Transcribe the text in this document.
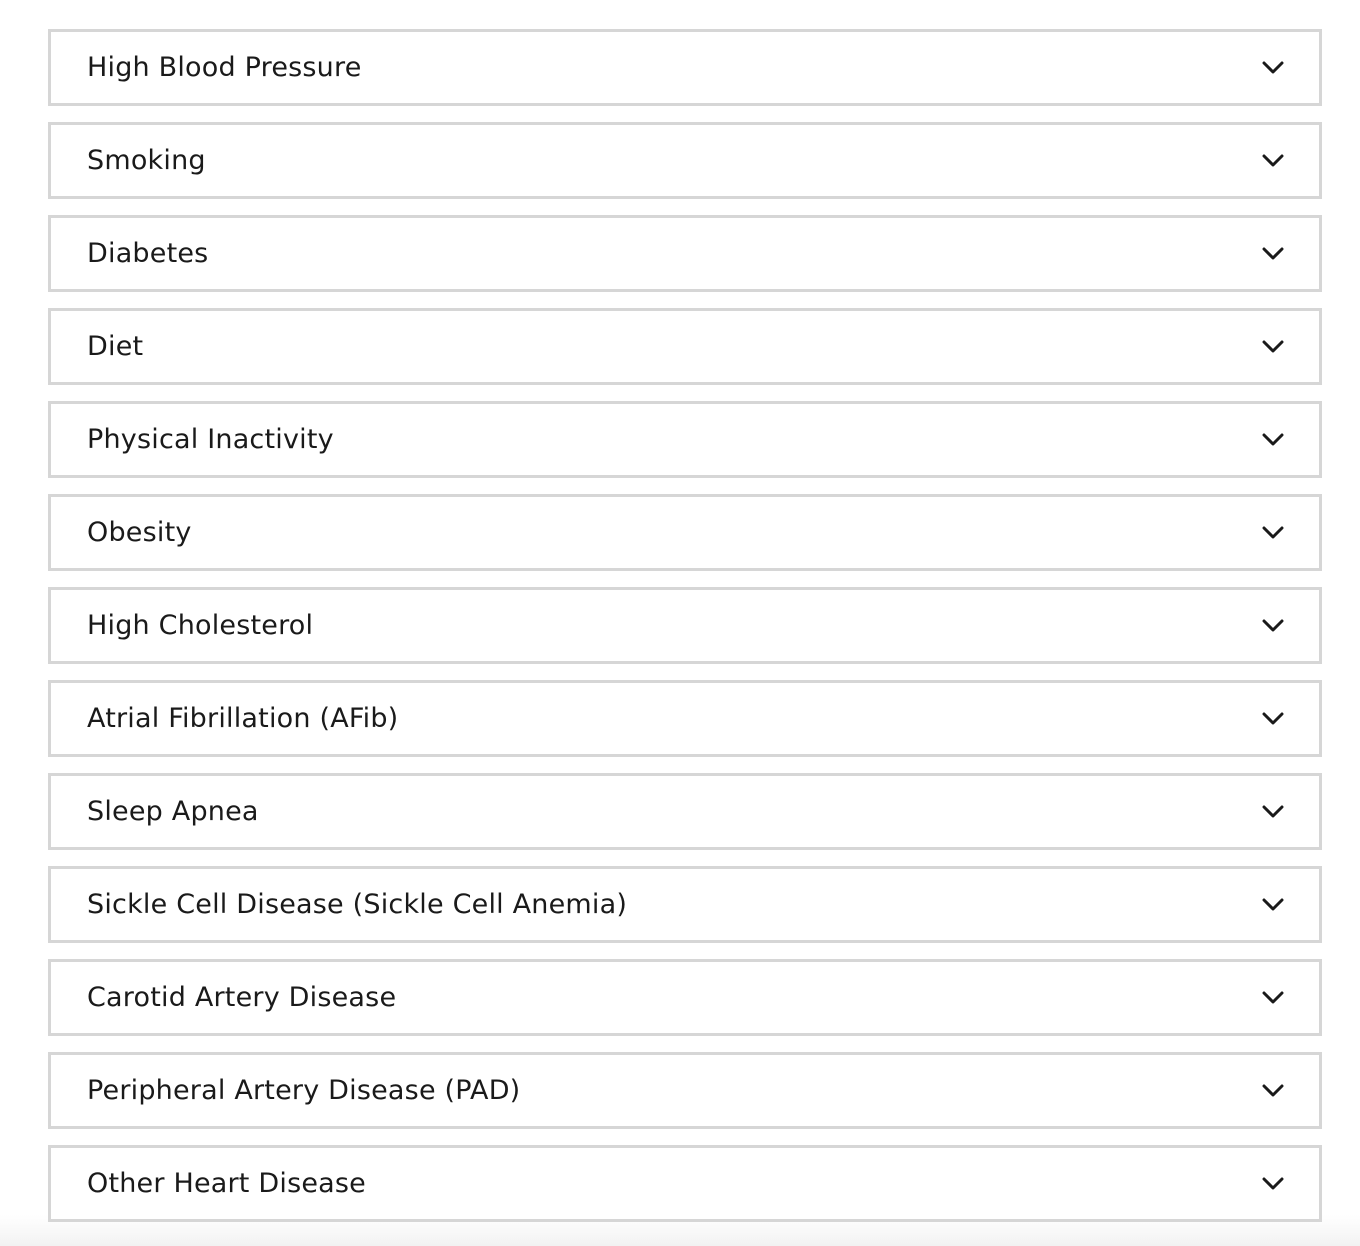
High Blood Pressure
Smoking
Diabetes
Diet
Physical Inactivity
Obesity
High Cholesterol
Atrial Fibrillation (AFib)
Sleep Apnea
Sickle Cell Disease (Sickle Cell Anemia)
Carotid Artery Disease
Peripheral Artery Disease (PAD)
Other Heart Disease
